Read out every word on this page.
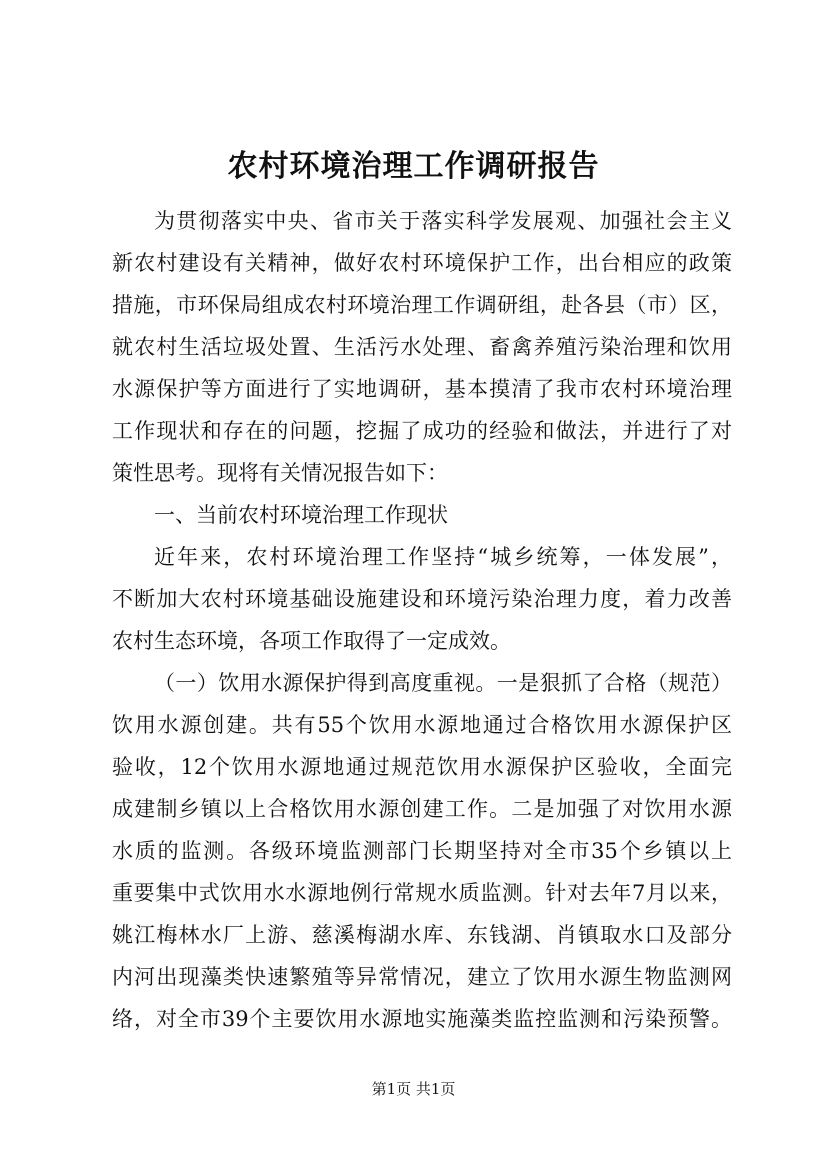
农村环境治理工作调研报告
为贯彻落实中央、省市关于落实科学发展观、加强社会主义
新农村建设有关精神，做好农村环境保护工作，出台相应的政策
措施，市环保局组成农村环境治理工作调研组，赴各县（市）区，
就农村生活垃圾处置、生活污水处理、畜禽养殖污染治理和饮用
水源保护等方面进行了实地调研，基本摸清了我市农村环境治理
工作现状和存在的问题，挖掘了成功的经验和做法，并进行了对
策性思考。现将有关情况报告如下：
一、当前农村环境治理工作现状
近年来，农村环境治理工作坚持“城乡统筹，一体发展”，
不断加大农村环境基础设施建设和环境污染治理力度，着力改善
农村生态环境，各项工作取得了一定成效。
（一）饮用水源保护得到高度重视。一是狠抓了合格（规范）
饮用水源创建。共有55个饮用水源地通过合格饮用水源保护区
验收，12个饮用水源地通过规范饮用水源保护区验收，全面完
成建制乡镇以上合格饮用水源创建工作。二是加强了对饮用水源
水质的监测。各级环境监测部门长期坚持对全市35个乡镇以上
重要集中式饮用水水源地例行常规水质监测。针对去年7月以来，
姚江梅林水厂上游、慈溪梅湖水库、东钱湖、肖镇取水口及部分
内河出现藻类快速繁殖等异常情况，建立了饮用水源生物监测网
络，对全市39个主要饮用水源地实施藻类监控监测和污染预警。
第1页 共1页
